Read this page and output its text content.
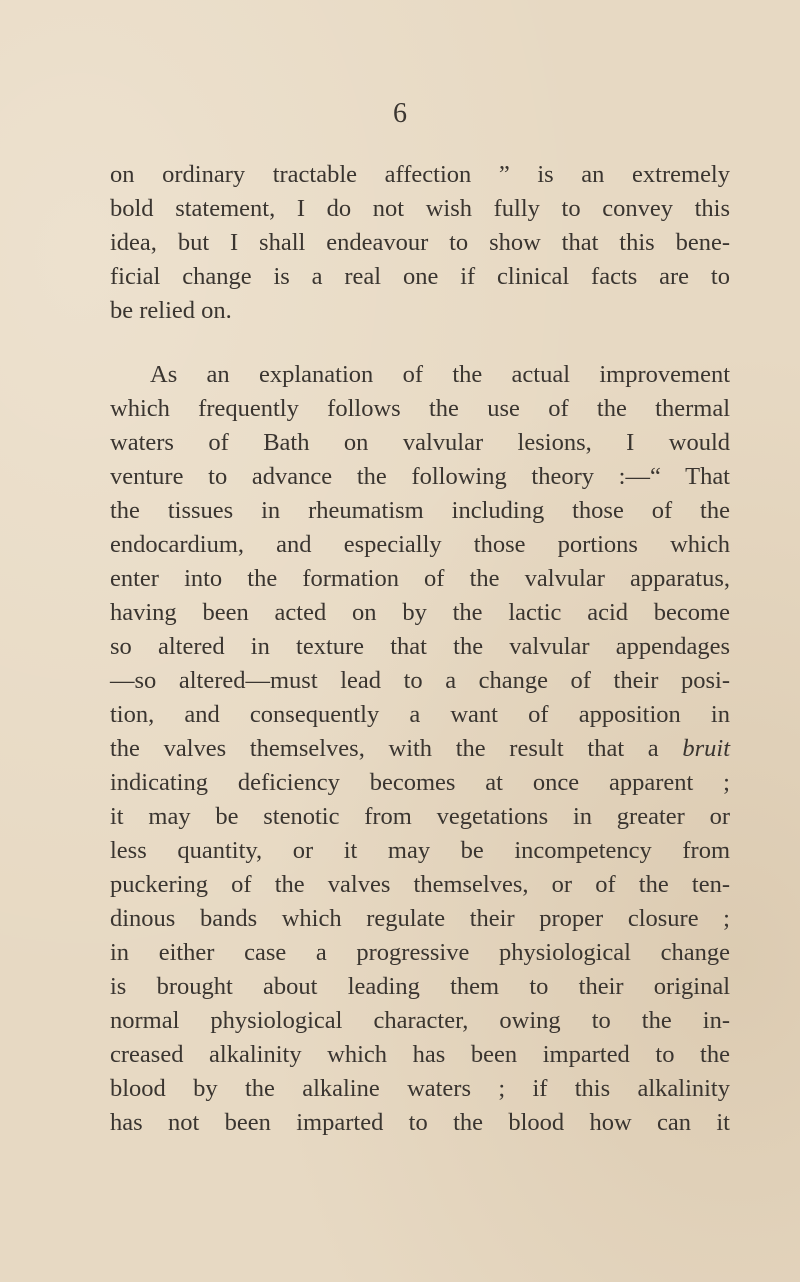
6
on ordinary tractable affection ” is an extremely
bold statement, I do not wish fully to convey this
idea, but I shall endeavour to show that this bene-
ficial change is a real one if clinical facts are to
be relied on.
As an explanation of the actual improvement
which frequently follows the use of the thermal
waters of Bath on valvular lesions, I would
venture to advance the following theory :—“ That
the tissues in rheumatism including those of the
endocardium, and especially those portions which
enter into the formation of the valvular apparatus,
having been acted on by the lactic acid become
so altered in texture that the valvular appendages
—so altered—must lead to a change of their posi-
tion, and consequently a want of apposition in
the valves themselves, with the result that a bruit
indicating deficiency becomes at once apparent ;
it may be stenotic from vegetations in greater or
less quantity, or it may be incompetency from
puckering of the valves themselves, or of the ten-
dinous bands which regulate their proper closure ;
in either case a progressive physiological change
is brought about leading them to their original
normal physiological character, owing to the in-
creased alkalinity which has been imparted to the
blood by the alkaline waters ; if this alkalinity
has not been imparted to the blood how can it
